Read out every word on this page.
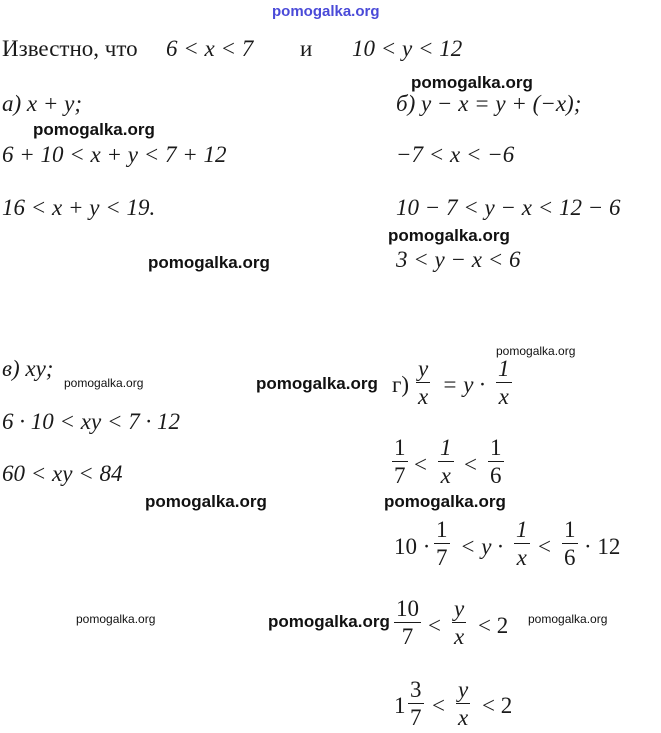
pomogalka.org
Известно, что 6 < x < 7 и 10 < y < 12
а) x + y;
6 + 10 < x + y < 7 + 12
16 < x + y < 19.
б) y − x = y + (−x);
−7 < x < −6
10 − 7 < y − x < 12 − 6
3 < y − x < 6
в) xy;
6 · 10 < xy < 7 · 12
60 < xy < 84
г)
y
x = y ·
1
x
1
7 <
1
x <
1
6
10 ·
1
7 < y ·
1
x <
1
6 · 12
10
7 <
y
x < 2
1
3
7 <
y
x < 2
pomogalka.org
pomogalka.org
pomogalka.org
pomogalka.org
pomogalka.org
pomogalka.org	pomogalka.org
pomogalka.org	pomogalka.org
pomogalka.org	pomogalka.org	pomogalka.org
